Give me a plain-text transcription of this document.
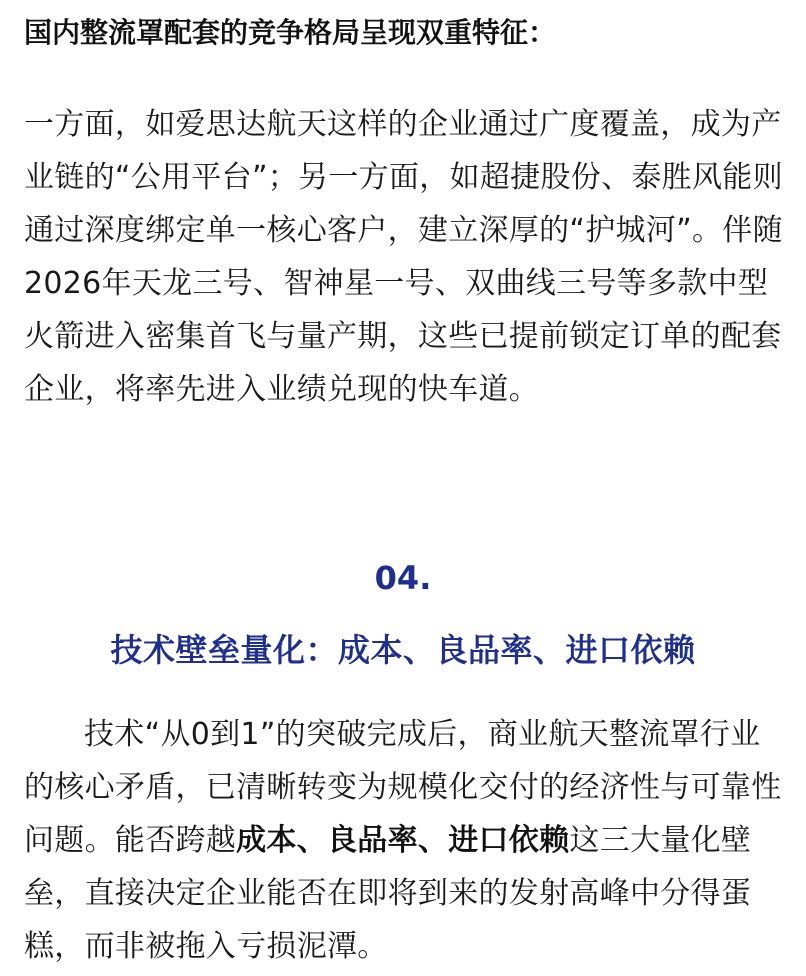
国内整流罩配套的竞争格局呈现双重特征：
一方面，如爱思达航天这样的企业通过广度覆盖，成为产业链的“公用平台”；另一方面，如超捷股份、泰胜风能则通过深度绑定单一核心客户，建立深厚的“护城河”。伴随2026年天龙三号、智神星一号、双曲线三号等多款中型火箭进入密集首飞与量产期，这些已提前锁定订单的配套企业，将率先进入业绩兑现的快车道。
04.
技术壁垒量化：成本、良品率、进口依赖
技术“从0到1”的突破完成后，商业航天整流罩行业的核心矛盾，已清晰转变为规模化交付的经济性与可靠性问题。能否跨越成本、良品率、进口依赖这三大量化壁垒，直接决定企业能否在即将到来的发射高峰中分得蛋糕，而非被拖入亏损泥潭。
